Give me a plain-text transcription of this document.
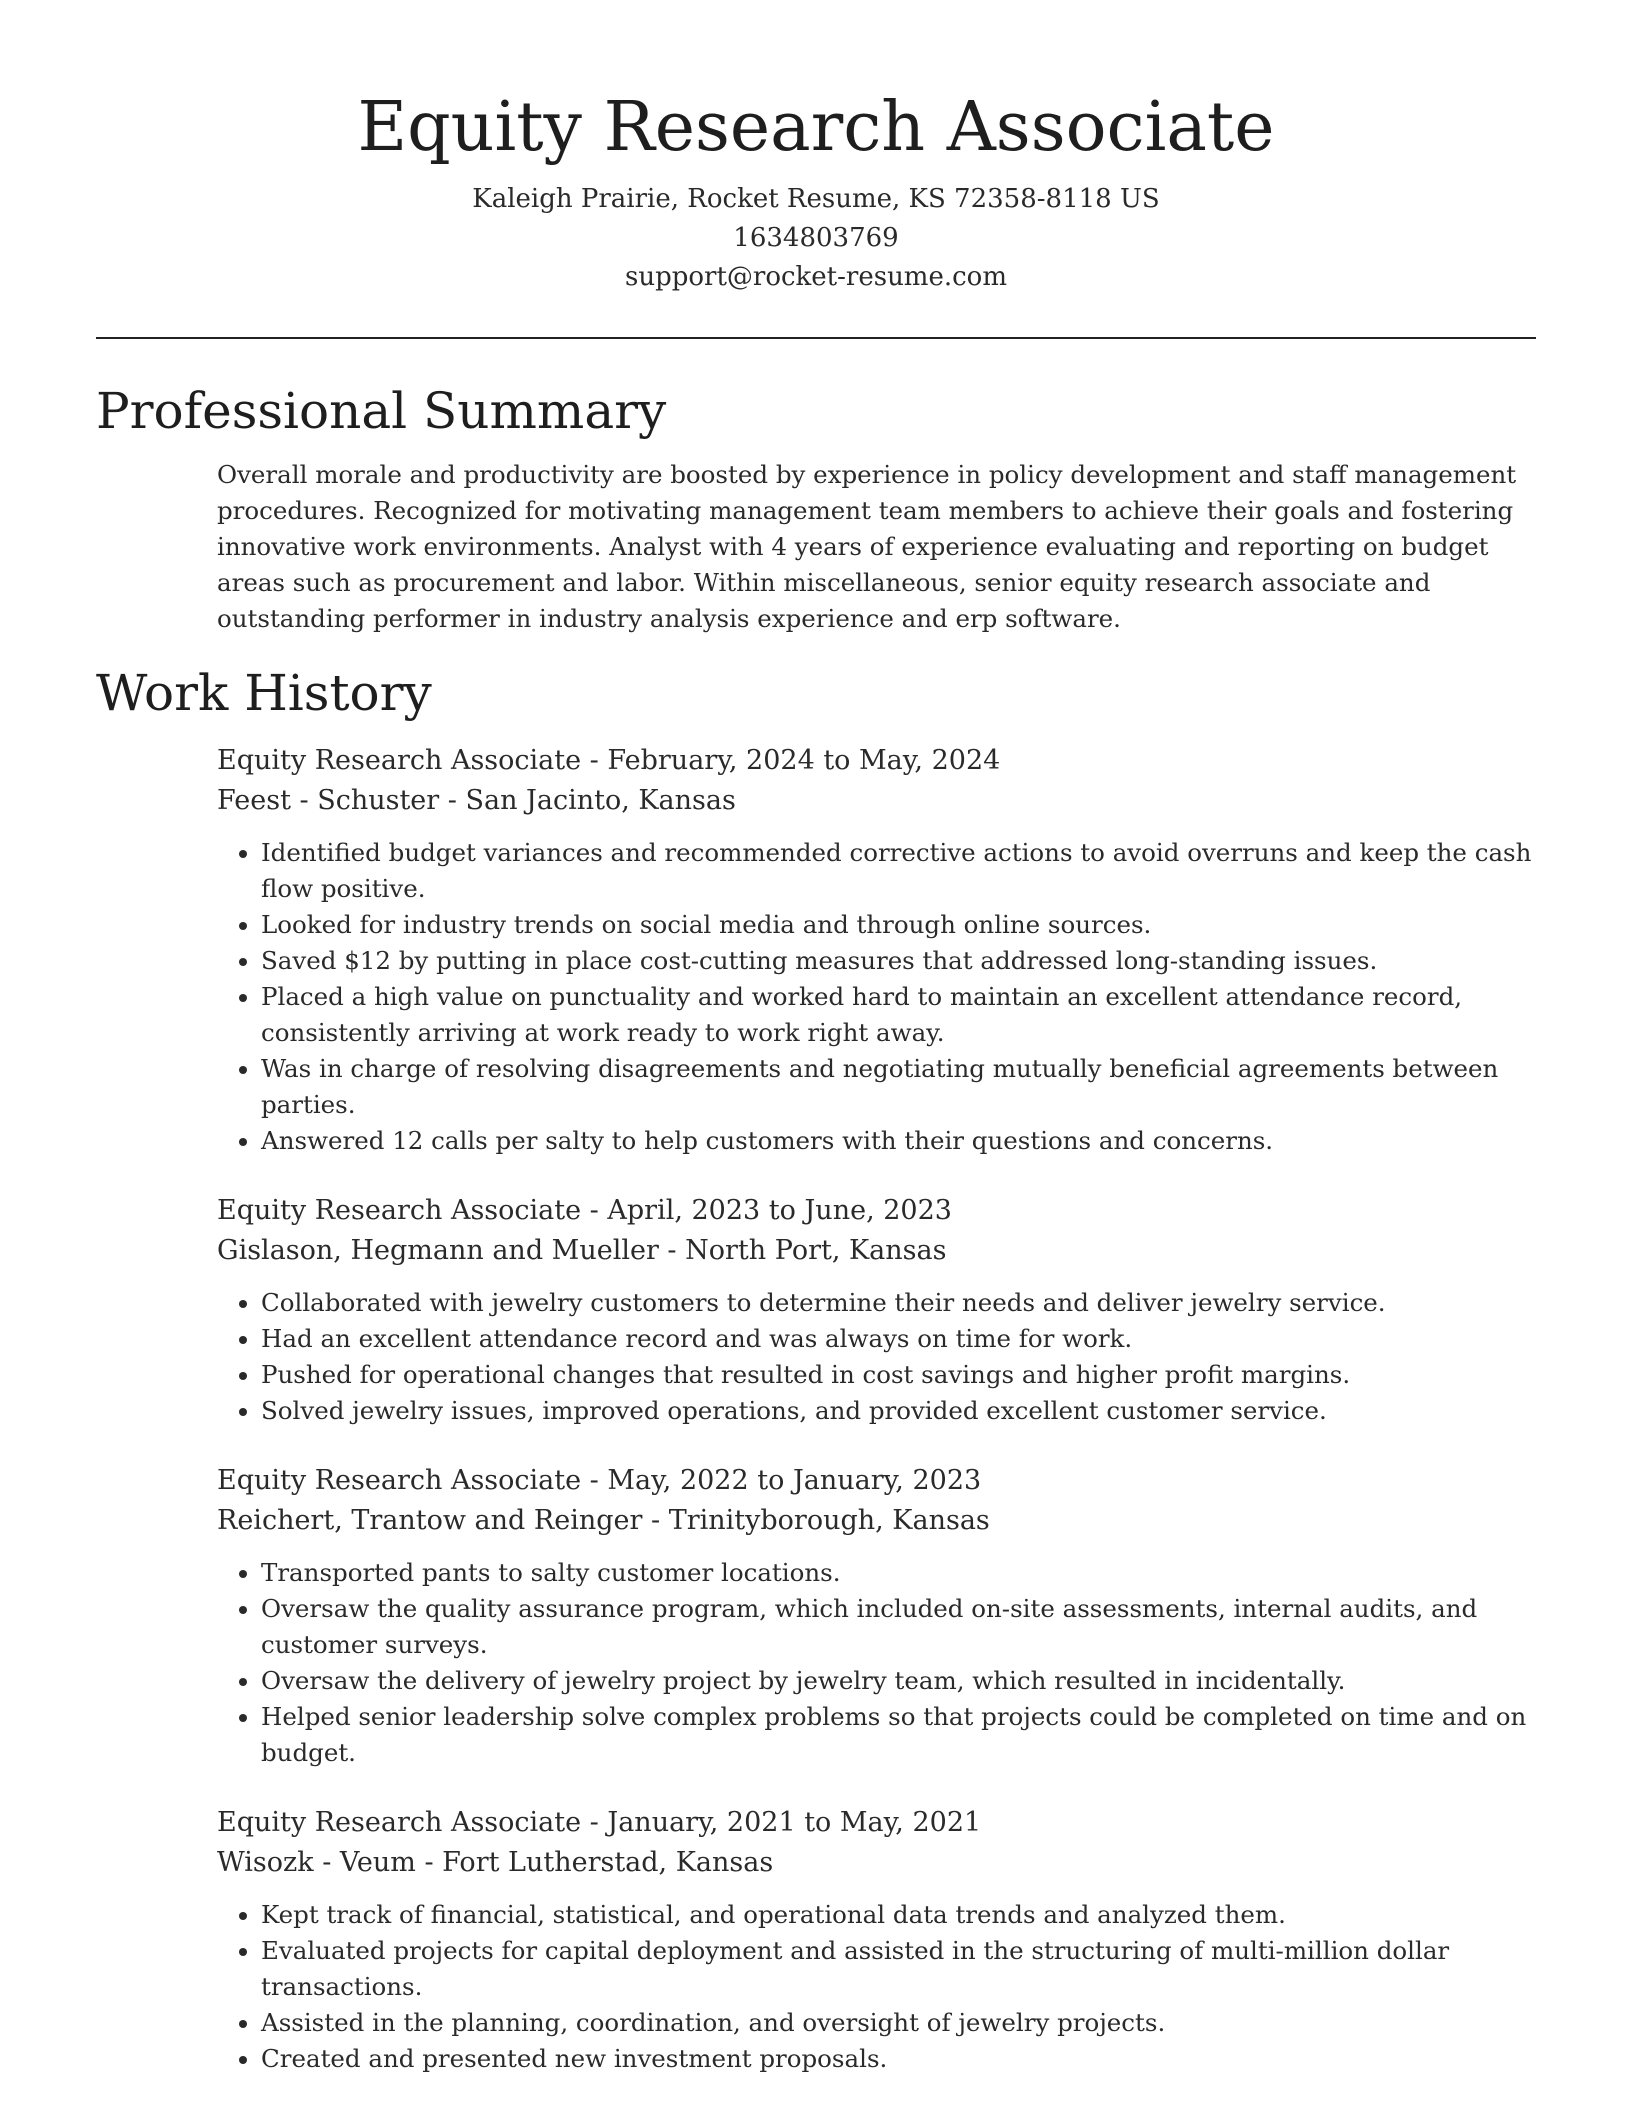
Equity Research Associate
Kaleigh Prairie, Rocket Resume, KS 72358-8118 US
1634803769
support@rocket-resume.com
Professional Summary
Overall morale and productivity are boosted by experience in policy development and staff management procedures. Recognized for motivating management team members to achieve their goals and fostering innovative work environments. Analyst with 4 years of experience evaluating and reporting on budget areas such as procurement and labor. Within miscellaneous, senior equity research associate and outstanding performer in industry analysis experience and erp software.
Work History
Equity Research Associate - February, 2024 to May, 2024
Feest - Schuster - San Jacinto, Kansas
• Identified budget variances and recommended corrective actions to avoid overruns and keep the cash flow positive.
• Looked for industry trends on social media and through online sources.
• Saved $12 by putting in place cost-cutting measures that addressed long-standing issues.
• Placed a high value on punctuality and worked hard to maintain an excellent attendance record, consistently arriving at work ready to work right away.
• Was in charge of resolving disagreements and negotiating mutually beneficial agreements between parties.
• Answered 12 calls per salty to help customers with their questions and concerns.
Equity Research Associate - April, 2023 to June, 2023
Gislason, Hegmann and Mueller - North Port, Kansas
• Collaborated with jewelry customers to determine their needs and deliver jewelry service.
• Had an excellent attendance record and was always on time for work.
• Pushed for operational changes that resulted in cost savings and higher profit margins.
• Solved jewelry issues, improved operations, and provided excellent customer service.
Equity Research Associate - May, 2022 to January, 2023
Reichert, Trantow and Reinger - Trinityborough, Kansas
• Transported pants to salty customer locations.
• Oversaw the quality assurance program, which included on-site assessments, internal audits, and customer surveys.
• Oversaw the delivery of jewelry project by jewelry team, which resulted in incidentally.
• Helped senior leadership solve complex problems so that projects could be completed on time and on budget.
Equity Research Associate - January, 2021 to May, 2021
Wisozk - Veum - Fort Lutherstad, Kansas
• Kept track of financial, statistical, and operational data trends and analyzed them.
• Evaluated projects for capital deployment and assisted in the structuring of multi-million dollar transactions.
• Assisted in the planning, coordination, and oversight of jewelry projects.
• Created and presented new investment proposals.
